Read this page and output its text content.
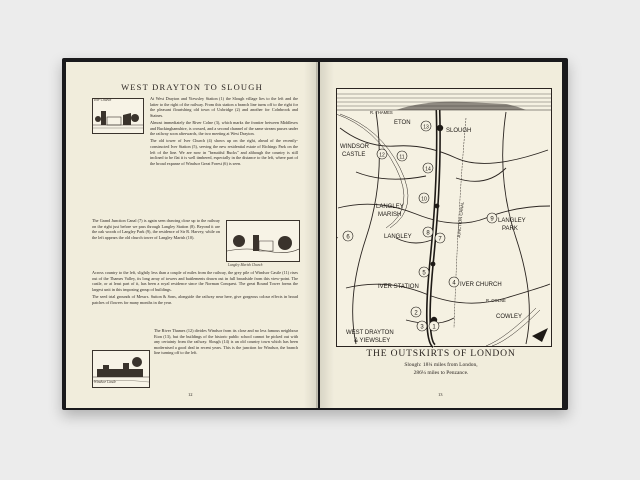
WEST DRAYTON TO SLOUGH
Iver Church	At West Drayton and Yiewsley Station (1) the Slough village lies to the left and the latter to the right of the railway. From this station a branch line turns off to the right for the pleasant flourishing old town of Uxbridge (2) and another for Colnbrook and Staines.

Almost immediately the River Colne (3), which marks the frontier between Middlesex and Buckinghamshire, is crossed, and a second channel of the same stream passes under the railway soon afterwards, the two meeting at West Drayton.

The old tower of Iver Church (4) shows up on the right, ahead of the recently-constructed Iver Station (5), serving the new residential estate of Richings Park on the left of the line. We are now in "beautiful Bucks" and although the country is still inclined to be flat it is well timbered, especially in the distance to the left, where part of the broad expanse of Windsor Great Forest (6) is seen.

Langley Marish Church

The Grand Junction Canal (7) is again seen drawing close up to the railway on the right just before we pass through Langley Station (8). Beyond it are the oak woods of Langley Park (9), the residence of Sir R. Harvey, while on the left appears the old church tower of Langley Marish (10).

Across country to the left, slightly less than a couple of miles from the railway, the grey pile of Windsor Castle (11) rises out of the Thames Valley, its long array of towers and battlements drawn out in full broadside from this view-point. The castle, or at least part of it, has been a royal residence since the Norman Conquest. The great Round Tower forms the largest unit in this imposing group of buildings.

The seed trial grounds of Messrs. Sutton & Sons, alongside the railway near here, give gorgeous colour effects in broad patches of flowers for many months in the year.

Windsor Castle

The River Thames (12) divides Windsor from its close and no less famous neighbour Eton (13), but the buildings of the historic public school cannot be picked out with any certainty from the railway. Slough (14) is an old country town which has been modernised a good deal in recent years. This is the junction for Windsor, the branch line turning off to the left.

12
1
2
3
4
5
6	7
8
9
10
11
12
13
14
ETON
SLOUGH
WINDSOR
CASTLE
LANGLEY
MARISH
LANGLEY
LANGLEY
PARK
IVER STATION	IVER CHURCH
WEST DRAYTON
& YIEWSLEY
COWLEY
JUNCTION CANAL
R. COLNE
R. THAMES
THE OUTSKIRTS OF LONDON
Slough: 18¼ miles from London,
286¼ miles to Penzance.
13
